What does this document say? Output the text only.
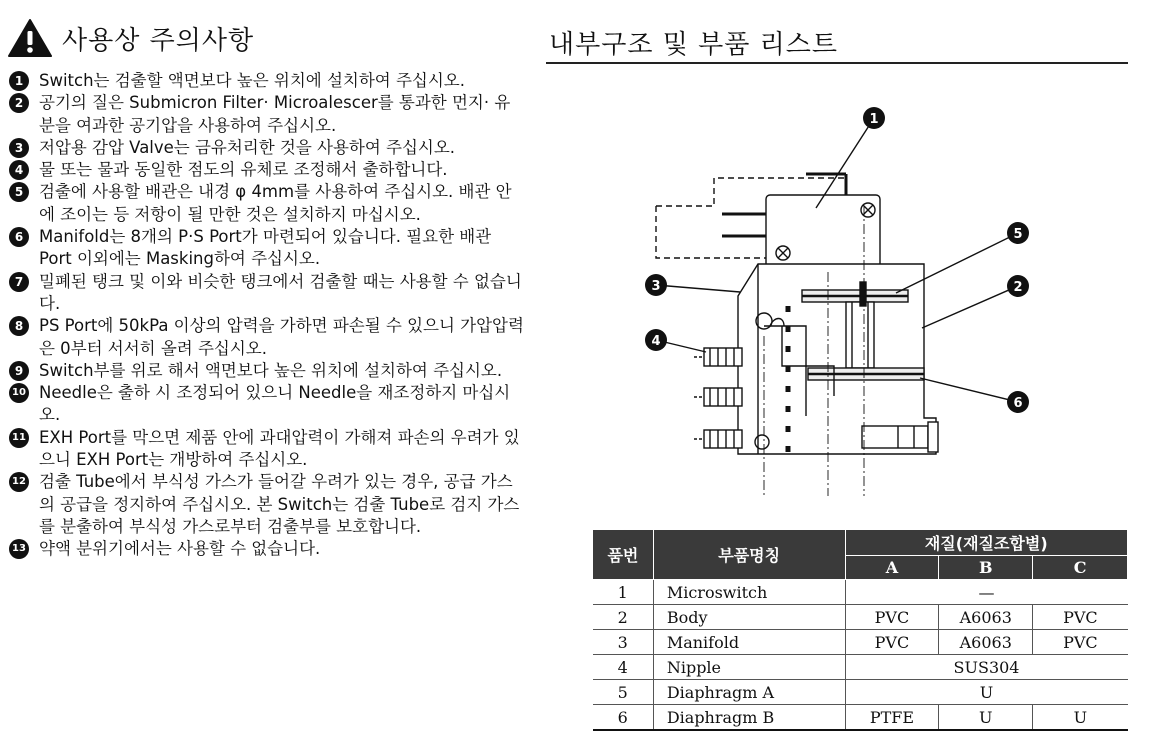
사용상 주의사항
1 Switch는 검출할 액면보다 높은 위치에 설치하여 주십시오.
2 공기의 질은 Submicron Filter· Microalescer를 통과한 먼지· 유분을 여과한 공기압을 사용하여 주십시오.
3 저압용 감압 Valve는 금유처리한 것을 사용하여 주십시오.
4 물 또는 물과 동일한 점도의 유체로 조정해서 출하합니다.
5 검출에 사용할 배관은 내경 φ 4mm를 사용하여 주십시오. 배관 안에 조이는 등 저항이 될 만한 것은 설치하지 마십시오.
6 Manifold는 8개의 P·S Port가 마련되어 있습니다. 필요한 배관 Port 이외에는 Masking하여 주십시오.
7 밀폐된 탱크 및 이와 비슷한 탱크에서 검출할 때는 사용할 수 없습니다.
8 PS Port에 50kPa 이상의 압력을 가하면 파손될 수 있으니 가압압력은 0부터 서서히 올려 주십시오.
9 Switch부를 위로 해서 액면보다 높은 위치에 설치하여 주십시오.
10 Needle은 출하 시 조정되어 있으니 Needle을 재조정하지 마십시오.
11 EXH Port를 막으면 제품 안에 과대압력이 가해져 파손의 우려가 있으니 EXH Port는 개방하여 주십시오.
12 검출 Tube에서 부식성 가스가 들어갈 우려가 있는 경우, 공급 가스의 공급을 정지하여 주십시오. 본 Switch는 검출 Tube로 검지 가스를 분출하여 부식성 가스로부터 검출부를 보호합니다.
13 약액 분위기에서는 사용할 수 없습니다.
내부구조 및 부품 리스트
1
5
3	2
4
6
품번	부품명칭	재질(재질조합별)		
		A	B	C
1	Microswitch	—		
2	Body	PVC	A6063	PVC
3	Manifold	PVC	A6063	PVC
4	Nipple	SUS304		
5	Diaphragm A	U		
6	Diaphragm B	PTFE	U	U
